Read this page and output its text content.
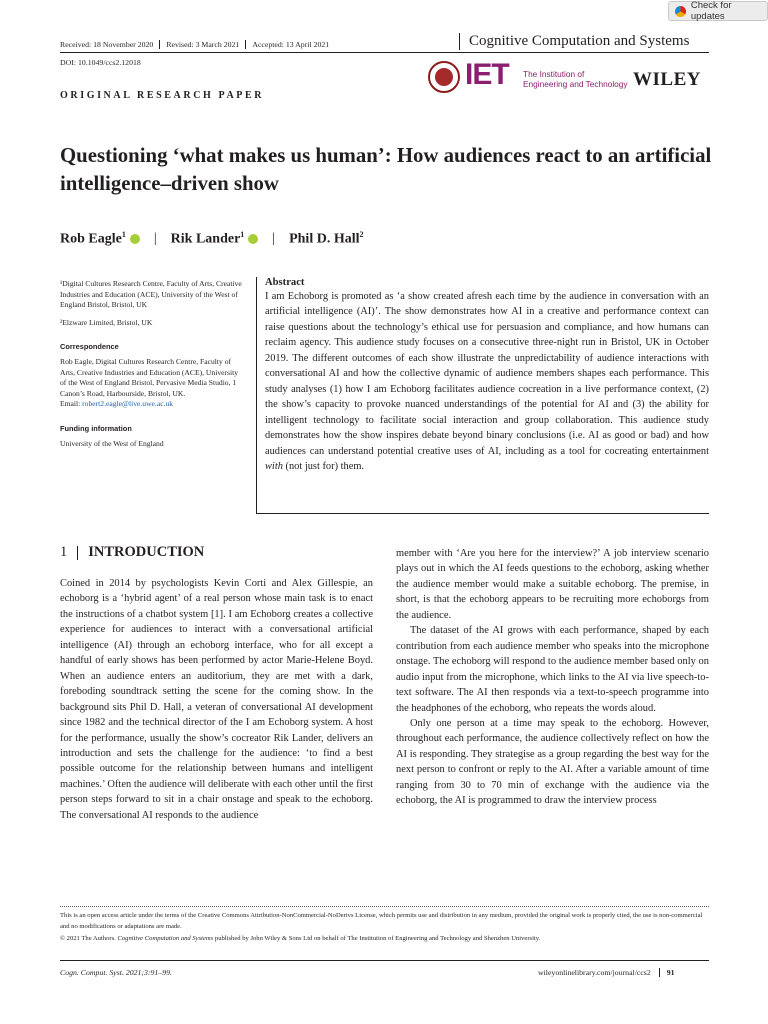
Check for updates
Received: 18 November 2020	Revised: 3 March 2021	Accepted: 13 April 2021	Cognitive Computation and Systems
DOI: 10.1049/ccs2.12018	IET The Institution of
Engineering and Technology WILEY
ORIGINAL RESEARCH PAPER
Questioning ‘what makes us human’: How audiences react to an artificial intelligence–driven show
Rob Eagle$^1$ | Rik Lander$^1$ | Phil D. Hall$^2$

¹Digital Cultures Research Centre, Faculty of Arts, Creative Industries and Education (ACE), University of the West of England Bristol, Bristol, UK

²Elzware Limited, Bristol, UK

Correspondence

Rob Eagle, Digital Cultures Research Centre, Faculty of Arts, Creative Industries and Education (ACE), University of the West of England Bristol, Pervasive Media Studio, 1 Canon’s Road, Harbourside, Bristol, UK.

Email: robert2.eagle@live.uwe.ac.uk

Funding information

University of the West of England

Abstract

I am Echoborg is promoted as ‘a show created afresh each time by the audience in conversation with an artificial intelligence (AI)’. The show demonstrates how AI in a creative and performance context can raise questions about the technology’s ethical use for persuasion and compliance, and how humans can reclaim agency. This audience study focuses on a consecutive three-night run in Bristol, UK in October 2019. The different outcomes of each show illustrate the unpredictability of audience interactions with conversational AI and how the collective dynamic of audience members shapes each performance. This study analyses (1) how I am Echoborg facilitates audience cocreation in a live performance context, (2) the show’s capacity to provoke nuanced understandings of the potential for AI and (3) the ability for intelligent technology to facilitate social interaction and group collaboration. This audience study demonstrates how the show inspires debate beyond binary conclusions (i.e. AI as good or bad) and how audiences can understand potential creative uses of AI, including as a tool for cocreating entertainment with (not just for) them.

1 INTRODUCTION

Coined in 2014 by psychologists Kevin Corti and Alex Gillespie, an echoborg is a ‘hybrid agent’ of a real person whose main task is to enact the instructions of a chatbot system [1]. I am Echoborg creates a collective experience for audiences to interact with a conversational artificial intelligence (AI) through an echoborg interface, who for all except a handful of early shows has been performed by actor Marie-Helene Boyd. When an audience enters an auditorium, they are met with a dark, foreboding soundtrack setting the scene for the coming show. In the background sits Phil D. Hall, a veteran of conversational AI development since 1982 and the technical director of the I am Echoborg system. A host for the performance, usually the show’s cocreator Rik Lander, delivers an introduction and sets the challenge for the audience: ‘to find a best possible outcome for the relationship between humans and intelligent machines.’ Often the audience will deliberate with each other until the first person steps forward to sit in a chair onstage and speak to the echoborg. The conversational AI responds to the audience

member with ‘Are you here for the interview?’ A job interview scenario plays out in which the AI feeds questions to the echoborg, asking whether the audience member would make a suitable echoborg. The premise, in short, is that the echoborg appears to be recruiting more echoborgs from the audience.

The dataset of the AI grows with each performance, shaped by each contribution from each audience member who speaks into the microphone onstage. The echoborg will respond to the audience member based only on audio input from the microphone, which links to the AI via live speech-to-text software. The AI then responds via a text-to-speech programme into the headphones of the echoborg, who repeats the words aloud.

Only one person at a time may speak to the echoborg. However, throughout each performance, the audience collectively reflect on how the AI is responding. They strategise as a group regarding the best way for the next person to confront or reply to the AI. After a variable amount of time ranging from 30 to 70 min of exchange with the audience via the echoborg, the AI is programmed to draw the interview process

This is an open access article under the terms of the Creative Commons Attribution-NonCommercial-NoDerivs License, which permits use and distribution in any medium, provided the original work is properly cited, the use is non-commercial and no modifications or adaptations are made.

© 2021 The Authors. Cognitive Computation and Systems published by John Wiley & Sons Ltd on behalf of The Institution of Engineering and Technology and Shenzhen University.

Cogn. Comput. Syst. 2021;3:91–99.	wileyonlinelibrary.com/journal/ccs2	91
